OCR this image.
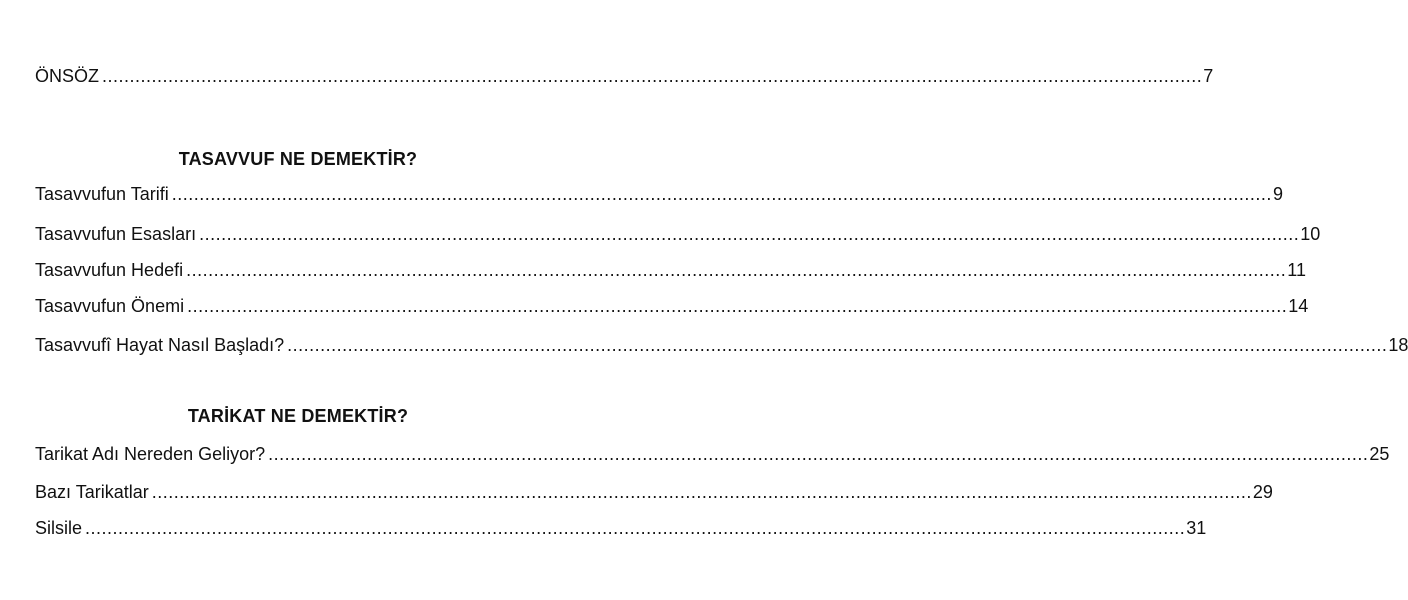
ÖNSÖZ ........................................................................................................................................................................................................ 7
TASAVVUF NE DEMEKTİR?
Tasavvufun Tarifi ........................................................................................................................................................................................................ 9
Tasavvufun Esasları ........................................................................................................................................................................................................ 10
Tasavvufun Hedefi ........................................................................................................................................................................................................ 11
Tasavvufun Önemi ........................................................................................................................................................................................................ 14
Tasavvufî Hayat Nasıl Başladı? ........................................................................................................................................................................................................ 18
TARİKAT NE DEMEKTİR?
Tarikat Adı Nereden Geliyor? ........................................................................................................................................................................................................ 25
Bazı Tarikatlar ........................................................................................................................................................................................................ 29
Silsile ........................................................................................................................................................................................................ 31
